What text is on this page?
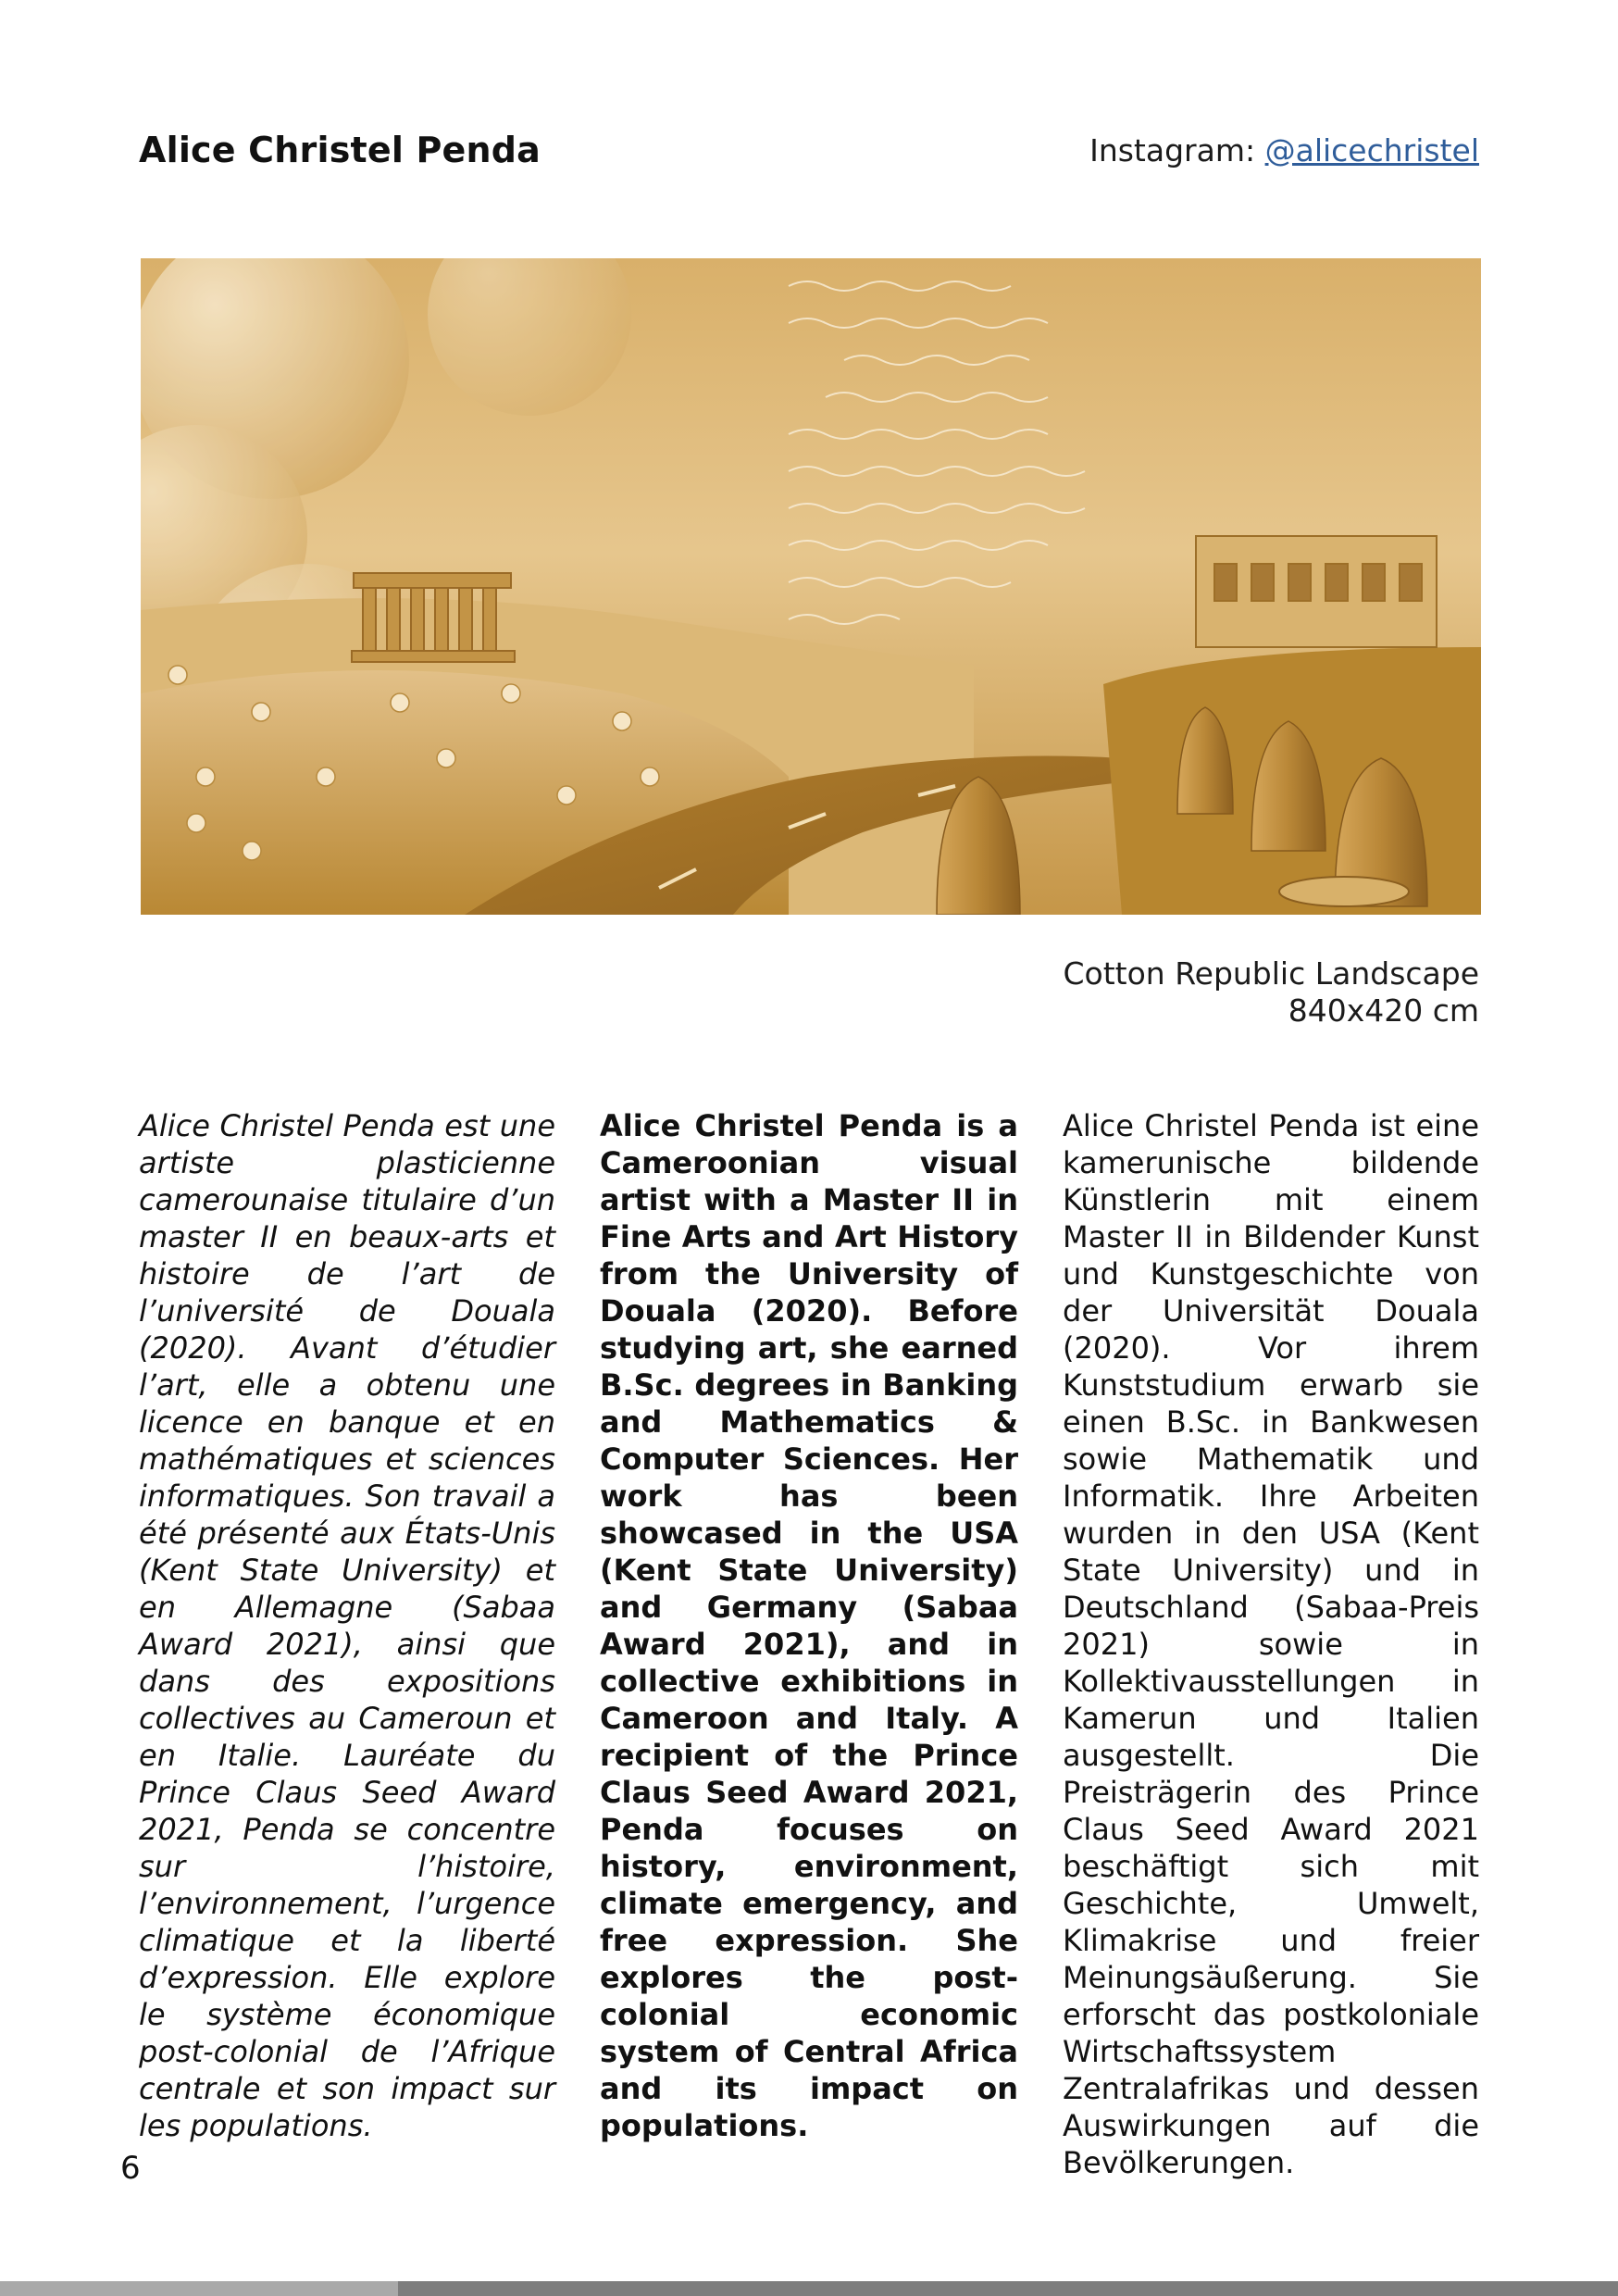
Alice Christel Penda	Instagram: @alicechristel
Cotton Republic Landscape
840x420 cm

Alice Christel Penda est une artiste plasticienne camerounaise titulaire d’un master II en beaux-arts et histoire de l’art de l’université de Douala (2020). Avant d’étudier l’art, elle a obtenu une licence en banque et en mathématiques et sciences informatiques. Son travail a été présenté aux États-Unis (Kent State University) et en Allemagne (Sabaa Award 2021), ainsi que dans des expositions collectives au Cameroun et en Italie. Lauréate du Prince Claus Seed Award 2021, Penda se concentre sur l’histoire, l’environnement, l’urgence climatique et la liberté d’expression. Elle explore le système économique post-colonial de l’Afrique centrale et son impact sur les populations.

Alice Christel Penda is a Cameroonian visual artist with a Master II in Fine Arts and Art History from the University of Douala (2020). Before studying art, she earned B.Sc. degrees in Banking and Mathematics & Computer Sciences. Her work has been showcased in the USA (Kent State University) and Germany (Sabaa Award 2021), and in collective exhibitions in Cameroon and Italy. A recipient of the Prince Claus Seed Award 2021, Penda focuses on history, environment, climate emergency, and free expression. She explores the post-colonial economic system of Central Africa and its impact on populations.

Alice Christel Penda ist eine kamerunische bildende Künstlerin mit einem Master II in Bildender Kunst und Kunstgeschichte von der Universität Douala (2020). Vor ihrem Kunststudium erwarb sie einen B.Sc. in Bankwesen sowie Mathematik und Informatik. Ihre Arbeiten wurden in den USA (Kent State University) und in Deutschland (Sabaa-Preis 2021) sowie in Kollektivausstellungen in Kamerun und Italien ausgestellt. Die Preisträgerin des Prince Claus Seed Award 2021 beschäftigt sich mit Geschichte, Umwelt, Klimakrise und freier Meinungsäußerung. Sie erforscht das postkoloniale Wirtschaftssystem Zentralafrikas und dessen Auswirkungen auf die Bevölkerungen.

6
